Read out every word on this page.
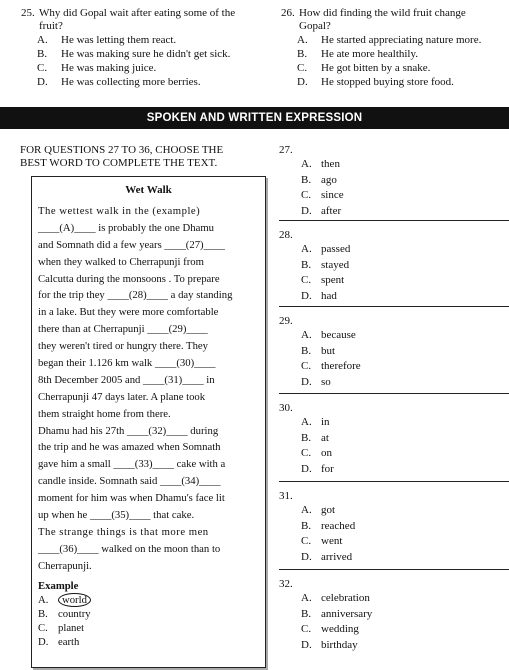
25. Why did Gopal wait after eating some of the
fruit?
A.	He was letting them react.
B.	He was making sure he didn't get sick.
C.	He was making juice.
D.	He was collecting more berries.
26. How did finding the wild fruit change
Gopal?
A.	He started appreciating nature more.
B.	He ate more healthily.
C.	He got bitten by a snake.
D.	He stopped buying store food.
SPOKEN AND WRITTEN EXPRESSION
FOR QUESTIONS 27 TO 36, CHOOSE THE
BEST WORD TO COMPLETE THE TEXT.
Wet Walk
The wettest walk in the (example)
____(A)____ is probably the one Dhamu
and Somnath did a few years ____(27)____
when they walked to Cherrapunji from
Calcutta during the monsoons . To prepare
for the trip they ____(28)____ a day standing
in a lake. But they were more comfortable
there than at Cherrapunji ____(29)____
they weren't tired or hungry there. They
began their 1.126 km walk ____(30)____
8th December 2005 and ____(31)____ in
Cherrapunji 47 days later. A plane took
them straight home from there.
Dhamu had his 27th ____(32)____ during
the trip and he was amazed when Somnath
gave him a small ____(33)____ cake with a
candle inside. Somnath said ____(34)____
moment for him was when Dhamu's face lit
up when he ____(35)____ that cake.
The strange things is that more men
____(36)____ walked on the moon than to
Cherrapunji.
Example
A.	world
B. country
C. planet
D. earth
27.
A. then
B. ago
C. since
D. after
28.
A. passed
B. stayed
C. spent
D. had
29.
A. because
B. but
C. therefore
D. so
30.
A. in
B. at
C. on
D. for
31.
A. got
B. reached
C. went
D. arrived
32.
A. celebration
B. anniversary
C. wedding
D. birthday
